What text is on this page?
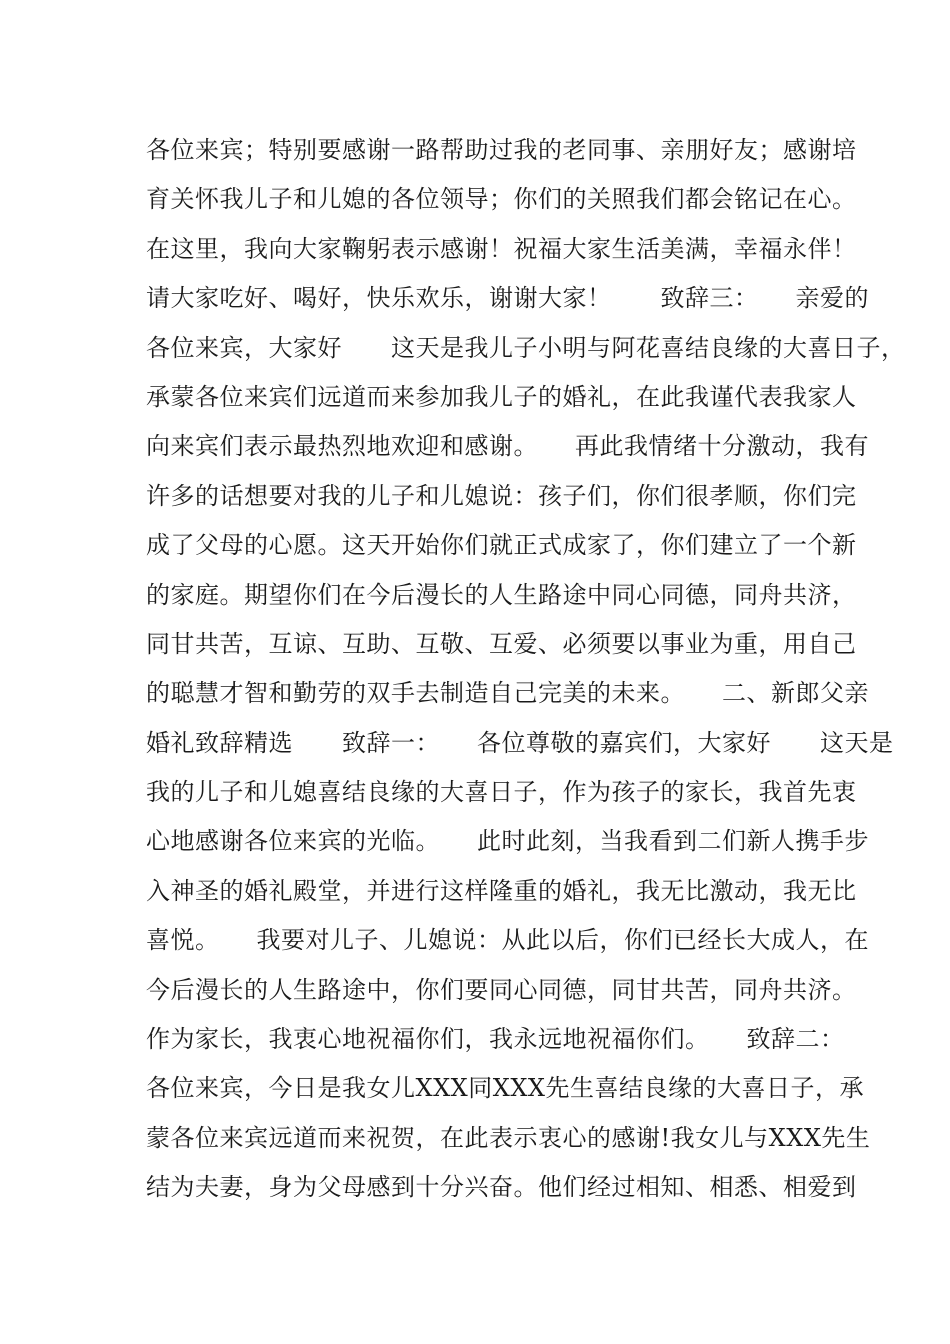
各位来宾；特别要感谢一路帮助过我的老同事、亲朋好友；感谢培
育关怀我儿子和儿媳的各位领导；你们的关照我们都会铭记在心。
在这里，我向大家鞠躬表示感谢！祝福大家生活美满，幸福永伴！
请大家吃好、喝好，快乐欢乐，谢谢大家！　　致辞三：　　亲爱的
各位来宾，大家好　　这天是我儿子小明与阿花喜结良缘的大喜日子，
承蒙各位来宾们远道而来参加我儿子的婚礼，在此我谨代表我家人
向来宾们表示最热烈地欢迎和感谢。　　再此我情绪十分激动，我有
许多的话想要对我的儿子和儿媳说：孩子们，你们很孝顺，你们完
成了父母的心愿。这天开始你们就正式成家了，你们建立了一个新
的家庭。期望你们在今后漫长的人生路途中同心同德，同舟共济，
同甘共苦，互谅、互助、互敬、互爱、必须要以事业为重，用自己
的聪慧才智和勤劳的双手去制造自己完美的未来。　　二、新郎父亲
婚礼致辞精选　　致辞一：　　各位尊敬的嘉宾们，大家好　　这天是
我的儿子和儿媳喜结良缘的大喜日子，作为孩子的家长，我首先衷
心地感谢各位来宾的光临。　　此时此刻，当我看到二们新人携手步
入神圣的婚礼殿堂，并进行这样隆重的婚礼，我无比激动，我无比
喜悦。　　我要对儿子、儿媳说：从此以后，你们已经长大成人，在
今后漫长的人生路途中，你们要同心同德，同甘共苦，同舟共济。
作为家长，我衷心地祝福你们，我永远地祝福你们。　　致辞二：
各位来宾，今日是我女儿XXX同XXX先生喜结良缘的大喜日子，承
蒙各位来宾远道而来祝贺，在此表示衷心的感谢!我女儿与XXX先生
结为夫妻，身为父母感到十分兴奋。他们经过相知、相悉、相爱到
